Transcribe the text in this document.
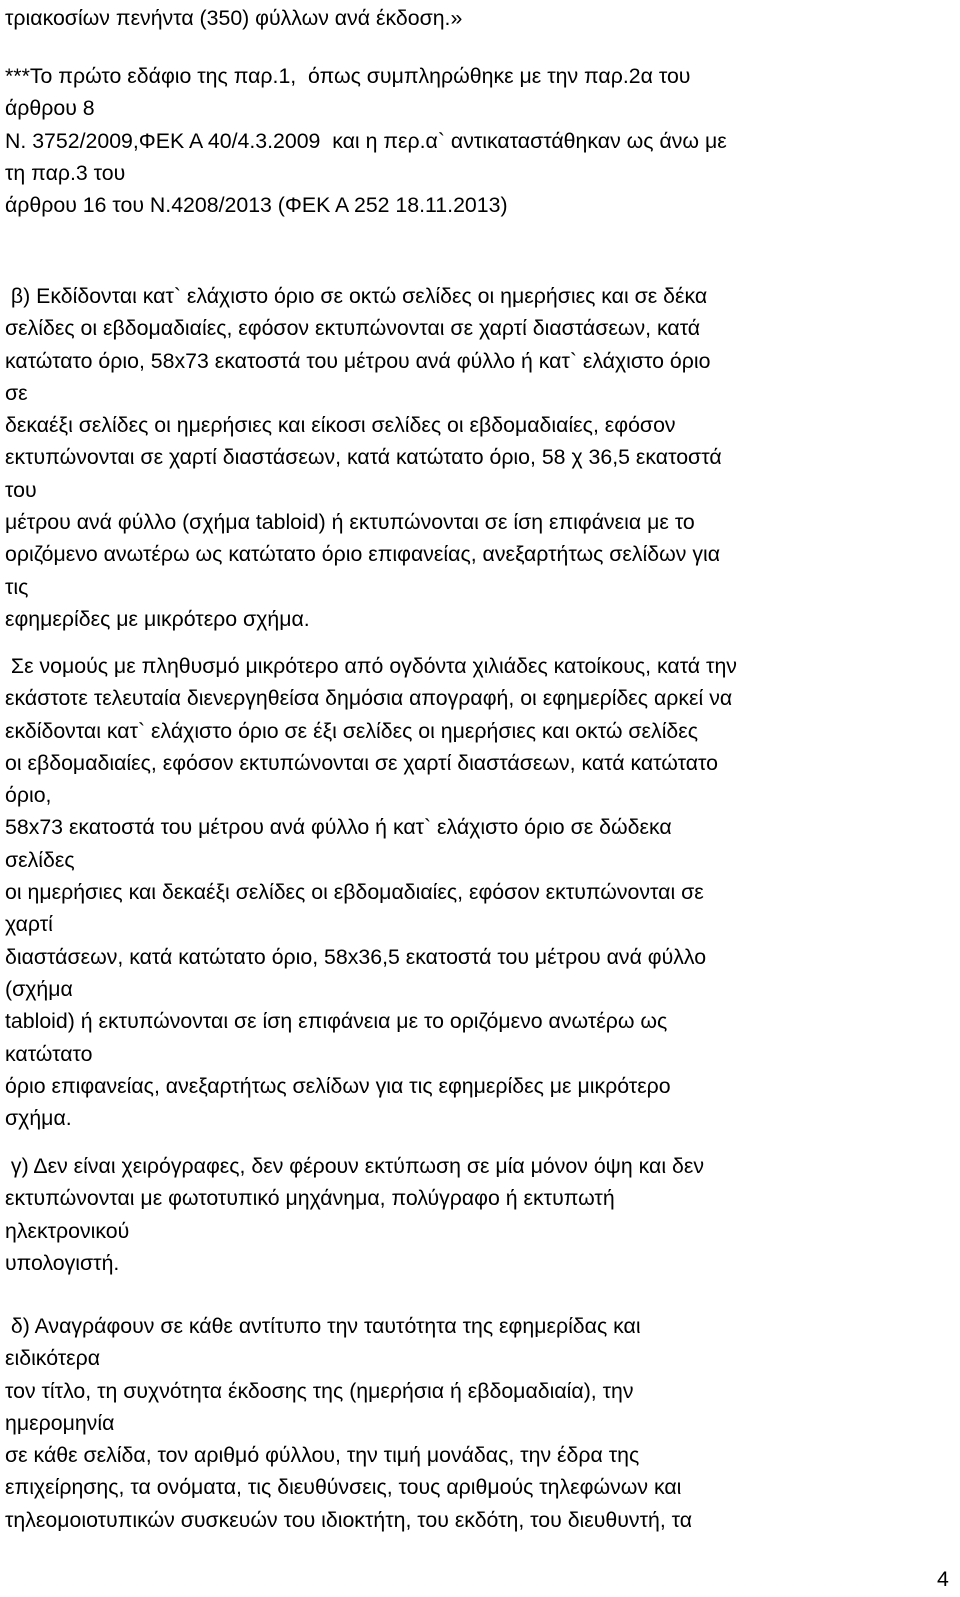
τριακοσίων πενήντα (350) φύλλων ανά έκδοση.»
***Το πρώτο εδάφιο της παρ.1,  όπως συμπληρώθηκε με την παρ.2α του
άρθρου 8
Ν. 3752/2009,ΦΕΚ Α 40/4.3.2009  και η περ.α` αντικαταστάθηκαν ως άνω με
τη παρ.3 του
άρθρου 16 του Ν.4208/2013 (ΦΕΚ Α 252 18.11.2013)
β) Εκδίδονται κατ` ελάχιστο όριο σε οκτώ σελίδες οι ημερήσιες και σε δέκα
σελίδες οι εβδομαδιαίες, εφόσον εκτυπώνονται σε χαρτί διαστάσεων, κατά
κατώτατο όριο, 58x73 εκατοστά του μέτρου ανά φύλλο ή κατ` ελάχιστο όριο
σε
δεκαέξι σελίδες οι ημερήσιες και είκοσι σελίδες οι εβδομαδιαίες, εφόσον
εκτυπώνονται σε χαρτί διαστάσεων, κατά κατώτατο όριο, 58 χ 36,5 εκατοστά
του
μέτρου ανά φύλλο (σχήμα tabloid) ή εκτυπώνονται σε ίση επιφάνεια με το
οριζόμενο ανωτέρω ως κατώτατο όριο επιφανείας, ανεξαρτήτως σελίδων για
τις
εφημερίδες με μικρότερο σχήμα.
Σε νομούς με πληθυσμό μικρότερο από ογδόντα χιλιάδες κατοίκους, κατά την
εκάστοτε τελευταία διενεργηθείσα δημόσια απογραφή, οι εφημερίδες αρκεί να
εκδίδονται κατ` ελάχιστο όριο σε έξι σελίδες οι ημερήσιες και οκτώ σελίδες
οι εβδομαδιαίες, εφόσον εκτυπώνονται σε χαρτί διαστάσεων, κατά κατώτατο
όριο,
58x73 εκατοστά του μέτρου ανά φύλλο ή κατ` ελάχιστο όριο σε δώδεκα
σελίδες
οι ημερήσιες και δεκαέξι σελίδες οι εβδομαδιαίες, εφόσον εκτυπώνονται σε
χαρτί
διαστάσεων, κατά κατώτατο όριο, 58x36,5 εκατοστά του μέτρου ανά φύλλο
(σχήμα
tabloid) ή εκτυπώνονται σε ίση επιφάνεια με το οριζόμενο ανωτέρω ως
κατώτατο
όριο επιφανείας, ανεξαρτήτως σελίδων για τις εφημερίδες με μικρότερο
σχήμα.
γ) Δεν είναι χειρόγραφες, δεν φέρουν εκτύπωση σε μία μόνον όψη και δεν
εκτυπώνονται με φωτοτυπικό μηχάνημα, πολύγραφο ή εκτυπωτή
ηλεκτρονικού
υπολογιστή.
δ) Αναγράφουν σε κάθε αντίτυπο την ταυτότητα της εφημερίδας και
ειδικότερα
τον τίτλο, τη συχνότητα έκδοσης της (ημερήσια ή εβδομαδιαία), την
ημερομηνία
σε κάθε σελίδα, τον αριθμό φύλλου, την τιμή μονάδας, την έδρα της
επιχείρησης, τα ονόματα, τις διευθύνσεις, τους αριθμούς τηλεφώνων και
τηλεομοιοτυπικών συσκευών του ιδιοκτήτη, του εκδότη, του διευθυντή, τα
4
